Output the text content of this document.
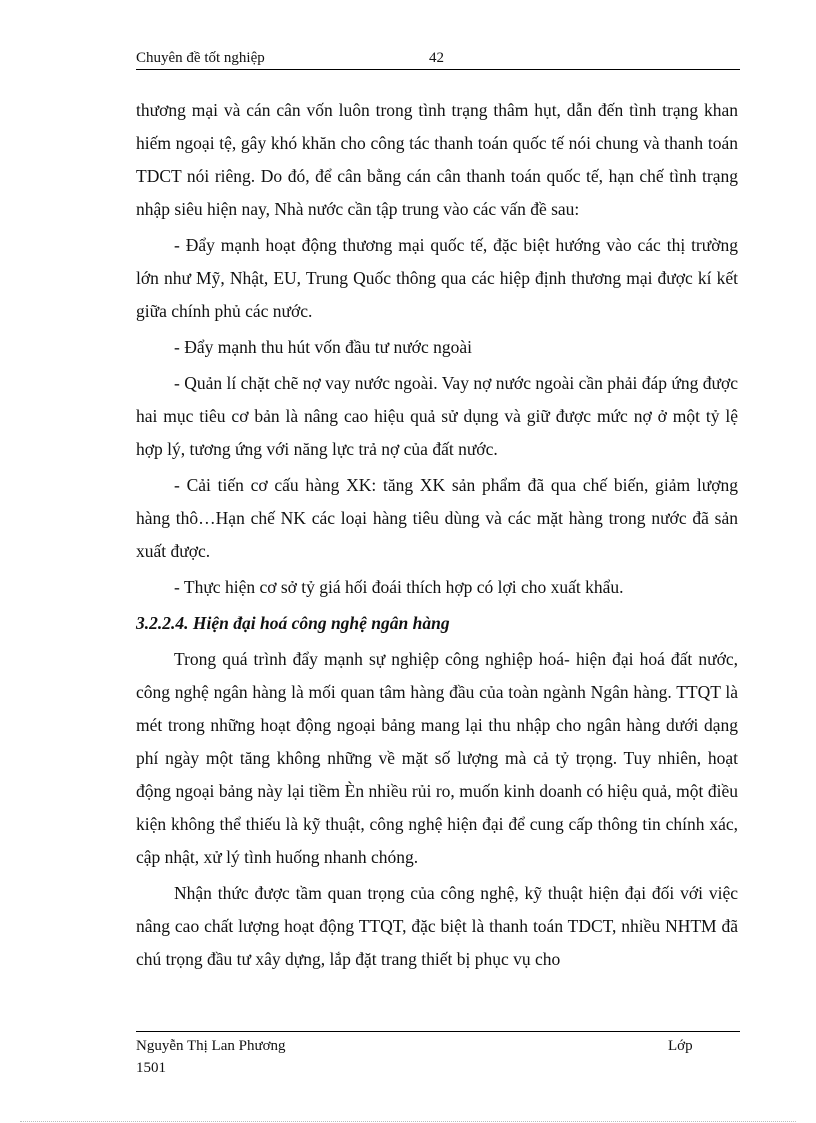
Chuyên đề tốt nghiệp	42

thương mại và cán cân vốn luôn trong tình trạng thâm hụt, dẫn đến tình trạng khan hiếm ngoại tệ, gây khó khăn cho công tác thanh toán quốc tế nói chung và thanh toán TDCT nói riêng. Do đó, để cân bằng cán cân thanh toán quốc tế, hạn chế tình trạng nhập siêu hiện nay, Nhà nước cần tập trung vào các vấn đề sau:

- Đẩy mạnh hoạt động thương mại quốc tế, đặc biệt hướng vào các thị trường lớn như Mỹ, Nhật, EU, Trung Quốc thông qua các hiệp định thương mại được kí kết giữa chính phủ các nước.

- Đẩy mạnh thu hút vốn đầu tư nước ngoài

- Quản lí chặt chẽ nợ vay nước ngoài. Vay nợ nước ngoài cần phải đáp ứng được hai mục tiêu cơ bản là nâng cao hiệu quả sử dụng và giữ được mức nợ ở một tỷ lệ hợp lý, tương ứng với năng lực trả nợ của đất nước.

- Cải tiến cơ cấu hàng XK: tăng XK sản phẩm đã qua chế biến, giảm lượng hàng thô…Hạn chế NK các loại hàng tiêu dùng và các mặt hàng trong nước đã sản xuất được.

- Thực hiện cơ sở tỷ giá hối đoái thích hợp có lợi cho xuất khẩu.

3.2.2.4. Hiện đại hoá công nghệ ngân hàng

Trong quá trình đẩy mạnh sự nghiệp công nghiệp hoá- hiện đại hoá đất nước, công nghệ ngân hàng là mối quan tâm hàng đầu của toàn ngành Ngân hàng. TTQT là mét trong những hoạt động ngoại bảng mang lại thu nhập cho ngân hàng dưới dạng phí ngày một tăng không những về mặt số lượng mà cả tỷ trọng. Tuy nhiên, hoạt động ngoại bảng này lại tiềm Èn nhiều rủi ro, muốn kinh doanh có hiệu quả, một điều kiện không thể thiếu là kỹ thuật, công nghệ hiện đại để cung cấp thông tin chính xác, cập nhật, xử lý tình huống nhanh chóng.

Nhận thức được tầm quan trọng của công nghệ, kỹ thuật hiện đại đối với việc nâng cao chất lượng hoạt động TTQT, đặc biệt là thanh toán TDCT, nhiều NHTM đã chú trọng đầu tư xây dựng, lắp đặt trang thiết bị phục vụ cho

Nguyễn Thị Lan Phương	Lớp
1501
